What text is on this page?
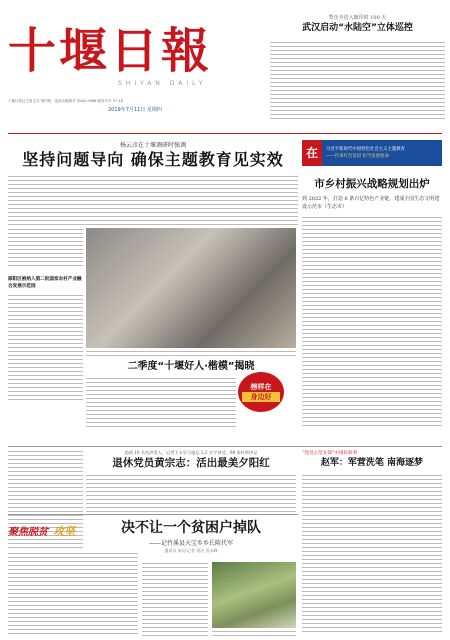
十堰日報
SHIYAN DAILY
十堰日报社主管主办 国内统一连续出版物号 CN42-0066 邮发代号 37-18
2019年7月11日 星期四
警企齐进入额印时 100 天
武汉启动“水陆空”立体巡控
杨云彦在十堰调研时强调
坚持问题导向 确保主题教育见实效
郧阳区被纳入第二批国家农村产业融合发展示范园
二季度“十堰好人·楷模”揭晓
榜样在
身边好
在	习近平新时代中国特色社会主义主题教育
——传承红色基因 担当发展使命
市乡村振兴战略规划出炉
到 2022 年，打造 6 条百亿特色产业链，建成全国生态文明建设示范市（生态市）
追颂 10 名抗洪老人，记者下水学习笔记 3.2 万字讲述，98 本村带讲记
退休党员黄宗志：活出最美夕阳红
“党员示范先锋”中国好故事
赵军：军营洗笔 南海逐梦
聚焦脱贫 攻坚	决不让一个贫困户掉队
——记竹溪县天宝乡乡长陈代军
通讯员 张珂 记者 刘洁 田永峰
